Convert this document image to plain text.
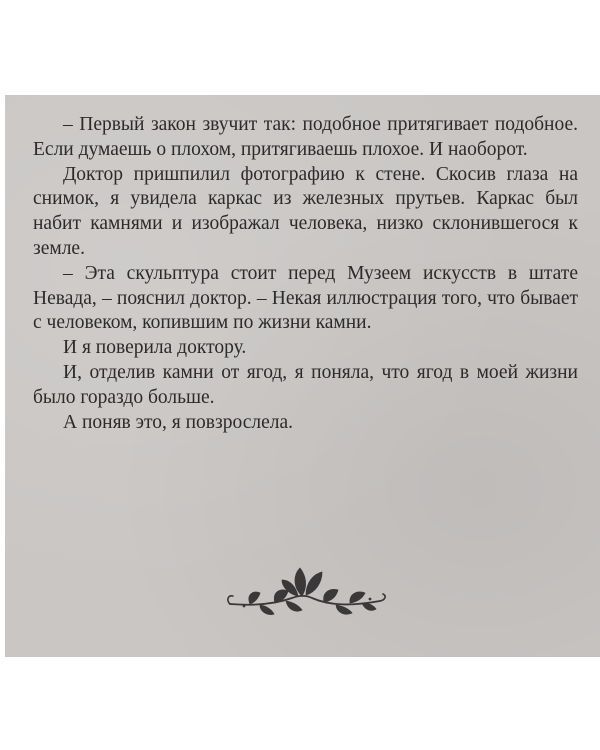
– Первый закон звучит так: подобное притягивает подобное. Если думаешь о плохом, притягиваешь плохое. И наоборот.

Доктор пришпилил фотографию к стене. Скосив глаза на снимок, я увидела каркас из железных прутьев. Каркас был набит камнями и изображал человека, низко склонившегося к земле.

– Эта скульптура стоит перед Музеем искусств в штате Невада, – пояснил доктор. – Некая иллюстрация того, что бывает с человеком, копившим по жизни камни.

И я поверила доктору.

И, отделив камни от ягод, я поняла, что ягод в моей жизни было гораздо больше.

А поняв это, я повзрослела.
